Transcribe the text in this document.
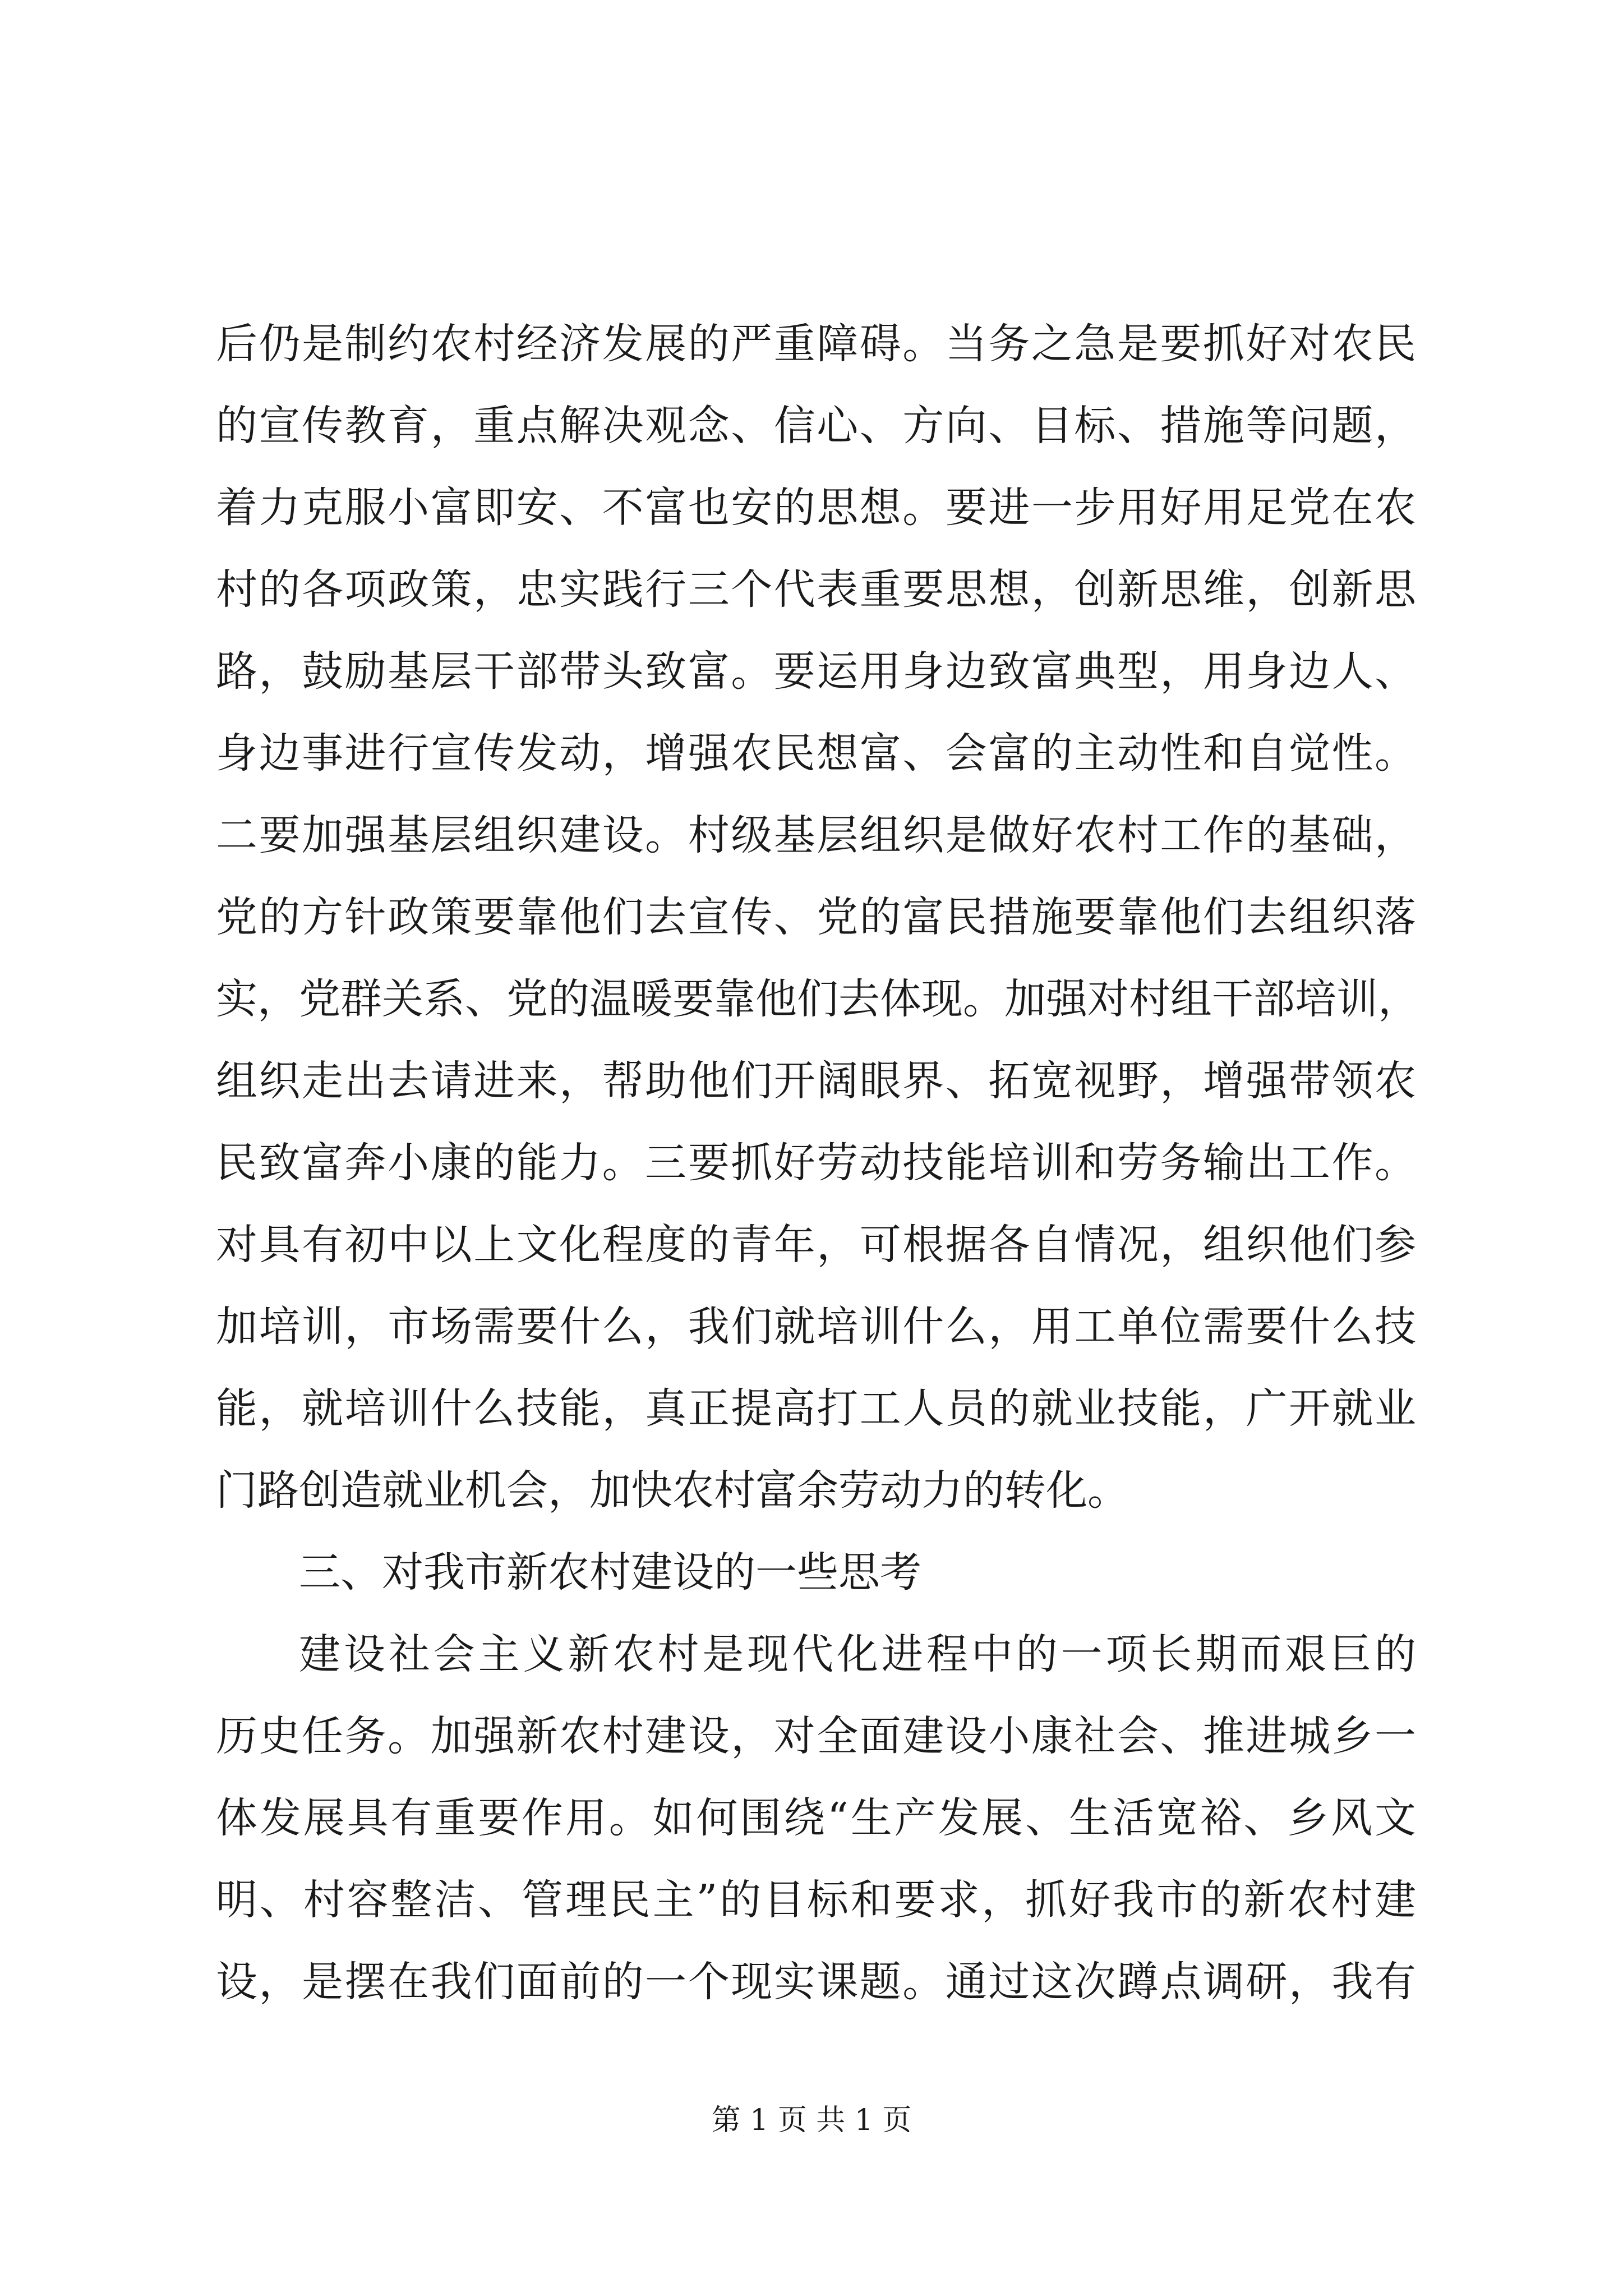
后仍是制约农村经济发展的严重障碍。当务之急是要抓好对农民
的宣传教育，重点解决观念、信心、方向、目标、措施等问题，
着力克服小富即安、不富也安的思想。要进一步用好用足党在农
村的各项政策，忠实践行三个代表重要思想，创新思维，创新思
路，鼓励基层干部带头致富。要运用身边致富典型，用身边人、
身边事进行宣传发动，增强农民想富、会富的主动性和自觉性。
二要加强基层组织建设。村级基层组织是做好农村工作的基础，
党的方针政策要靠他们去宣传、党的富民措施要靠他们去组织落
实，党群关系、党的温暖要靠他们去体现。加强对村组干部培训，
组织走出去请进来，帮助他们开阔眼界、拓宽视野，增强带领农
民致富奔小康的能力。三要抓好劳动技能培训和劳务输出工作。
对具有初中以上文化程度的青年，可根据各自情况，组织他们参
加培训，市场需要什么，我们就培训什么，用工单位需要什么技
能，就培训什么技能，真正提高打工人员的就业技能，广开就业
门路创造就业机会，加快农村富余劳动力的转化。
三、对我市新农村建设的一些思考
建设社会主义新农村是现代化进程中的一项长期而艰巨的
历史任务。加强新农村建设，对全面建设小康社会、推进城乡一
体发展具有重要作用。如何围绕“生产发展、生活宽裕、乡风文
明、村容整洁、管理民主”的目标和要求，抓好我市的新农村建
设，是摆在我们面前的一个现实课题。通过这次蹲点调研，我有
第 1 页 共 1 页
